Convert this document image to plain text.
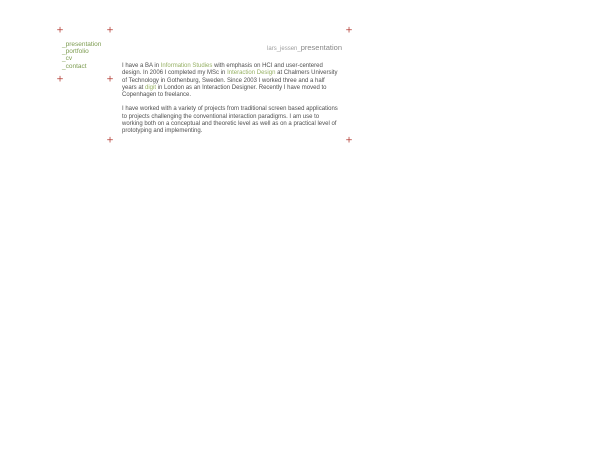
+	+	+
+	+
+	+
_presentation
_portfolio
_cv
_contact
lars_jessen_presentation

I have a BA in Information Studies with emphasis on HCI and user-centered design. In 2006 I completed my MSc in Interaction Design at Chalmers University of Technology in Gothenburg, Sweden. Since 2003 I worked three and a half years at digit in London as an Interaction Designer. Recently I have moved to Copenhagen to freelance.

I have worked with a variety of projects from traditional screen based applications to projects challenging the conventional interaction paradigms. I am use to working both on a conceptual and theoretic level as well as on a practical level of prototyping and implementing.
